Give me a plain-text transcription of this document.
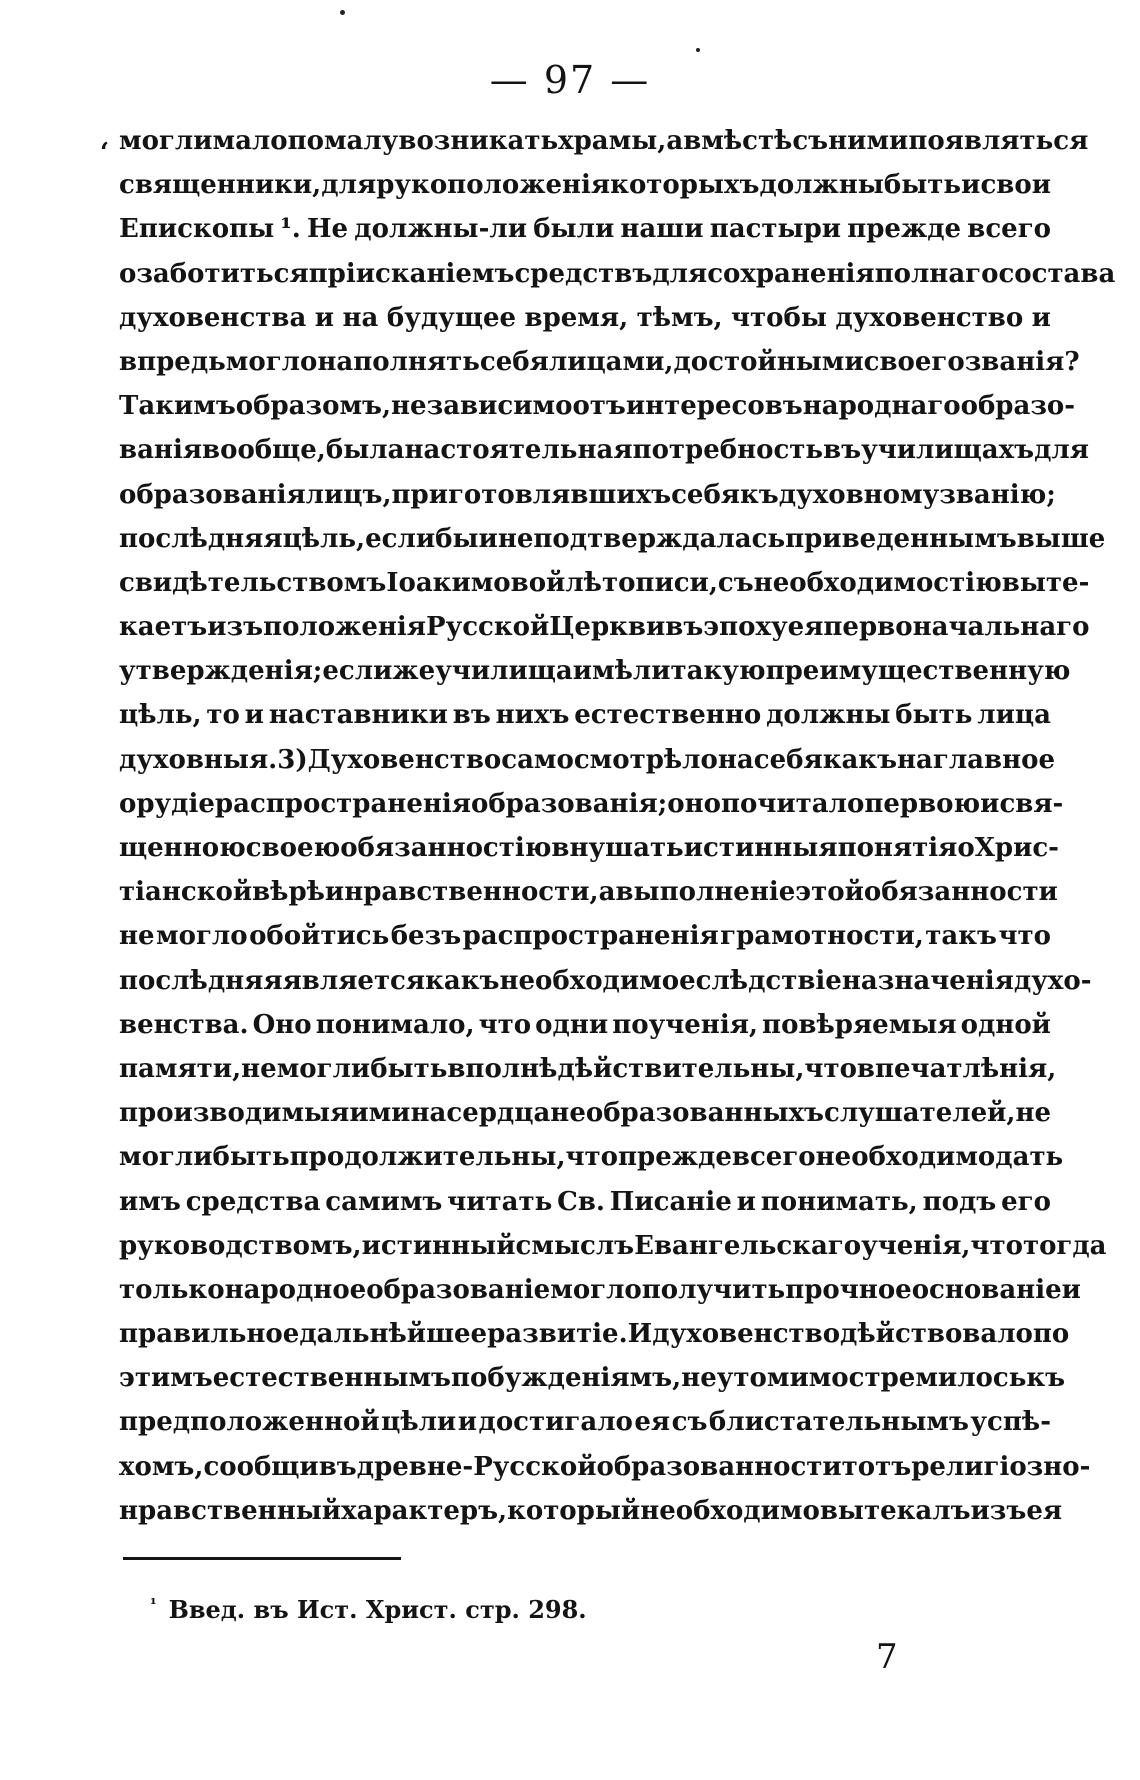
— 97 —
‘ могли мало по малу возникать храмы, а вмѣстѣ съ ними появляться
священники, для рукоположенія которыхъ должны быть и свои
Епископы ¹. Не должны-ли были наши пастыри прежде всего
озаботиться прiисканiемъ средствъ для сохраненія полнаго состава
духовенства и на будущее время, тѣмъ, чтобы духовенство и
впредь могло наполнять себя лицами, достойными своего званія?
Такимъ образомъ, независимо отъ интересовъ народнаго образо-
ванія вообще, была настоятельная потребность въ училищахъ для
образованія лицъ, приготовлявшихъ себя къ духовному званію;
послѣдняя цѣль, если бы и не подтверждалась приведеннымъ выше
свидѣтельствомъ Іоакимовой лѣтописи, съ необходимостію выте-
каетъ изъ положенія Русской Церкви въ эпоху ея первоначальнаго
утвержденія; если же училища имѣли такую преимущественную
цѣль, то и наставники въ нихъ естественно должны быть лица
духовныя. 3) Духовенство само смотрѣло на себя какъ на главное
орудіе распространенія образованія; оно почитало первою и свя-
щенною своею обязанностію внушать истинныя понятія о Хрис-
тіанской вѣрѣ и нравственности, а выполненіе этой обязанности
не могло обойтись безъ распространенія грамотности, такъ что
послѣдняя является какъ необходимое слѣдствіе назначенія духо-
венства. Оно понимало, что одни поученія, повѣряемыя одной
памяти, не могли быть вполнѣ дѣйствительны, что впечатлѣнія,
производимыя ими на сердца необразованныхъ слушателей, не
могли быть продолжительны, что прежде всего необходимо дать
имъ средства самимъ читать Св. Писаніе и понимать, подъ его
руководствомъ, истинный смыслъ Евангельскаго ученія, что тогда
только народное образованіе могло получить прочное основаніе и
правильное дальнѣйшее развитіе. И духовенство дѣйствовало по
этимъ естественнымъ побужденіямъ, неутомимо стремилось къ
предположенной цѣли и достигало ея съ блистательнымъ успѣ-
хомъ, сообщивъ древне-Русской образованности тотъ религіозно-
нравственный характеръ, который необходимо вытекалъ изъ ея
$^{^1}$ Введ. въ Ист. Христ. стр. 298.
7
